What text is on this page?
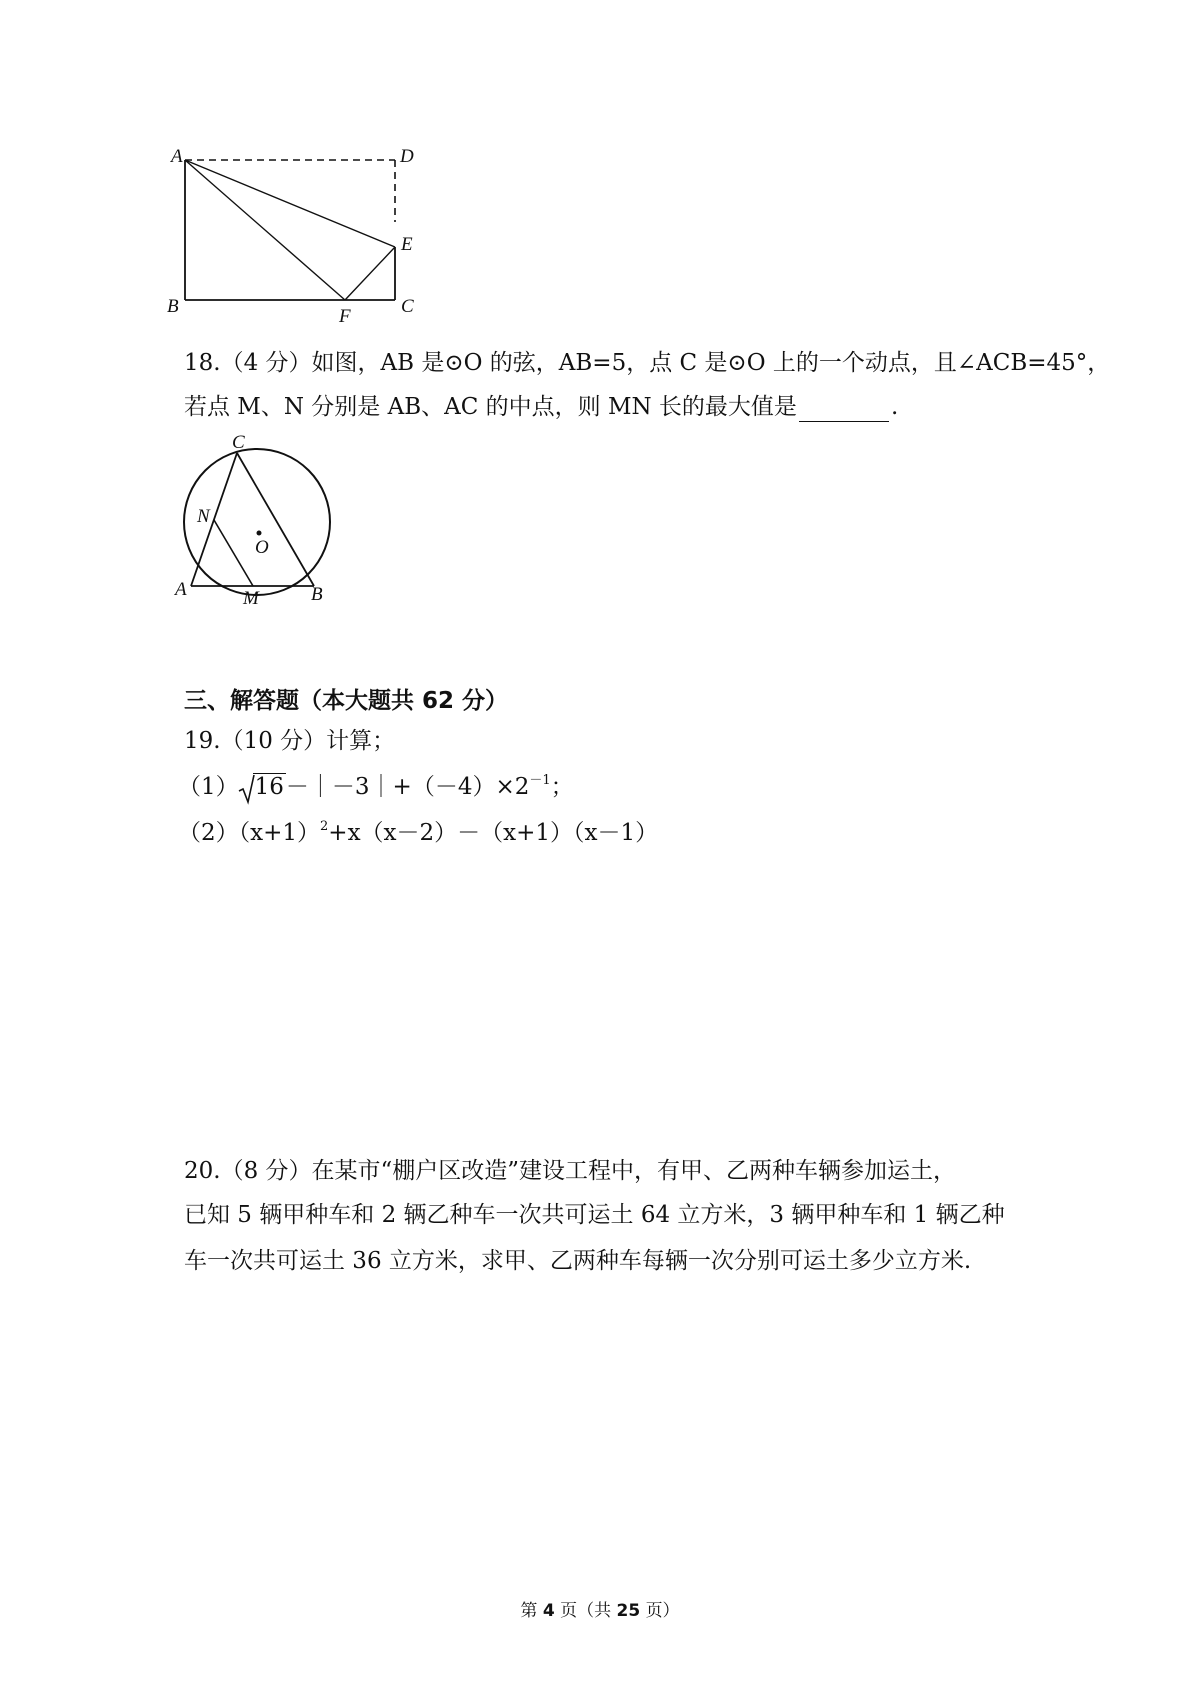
A	D
E
B	C
F
18.（4 分）如图，AB 是⊙O 的弦，AB=5，点 C 是⊙O 上的一个动点，且∠ACB=45°，
若点 M、N 分别是 AB、AC 的中点，则 MN 长的最大值是	.
C
N
O
A	M	B
三、解答题（本大题共 62 分）
19.（10 分）计算；
（1） $16-|-3|+(-4)\times 2^{-1}$；
$(2)(x+1)^2+x(x-2)-(x+1)(x-1)$
20.（8 分）在某市“棚户区改造”建设工程中，有甲、乙两种车辆参加运土，
已知 5 辆甲种车和 2 辆乙种车一次共可运土 64 立方米，3 辆甲种车和 1 辆乙种
车一次共可运土 36 立方米，求甲、乙两种车每辆一次分别可运土多少立方米.
第 4 页（共 25 页）
